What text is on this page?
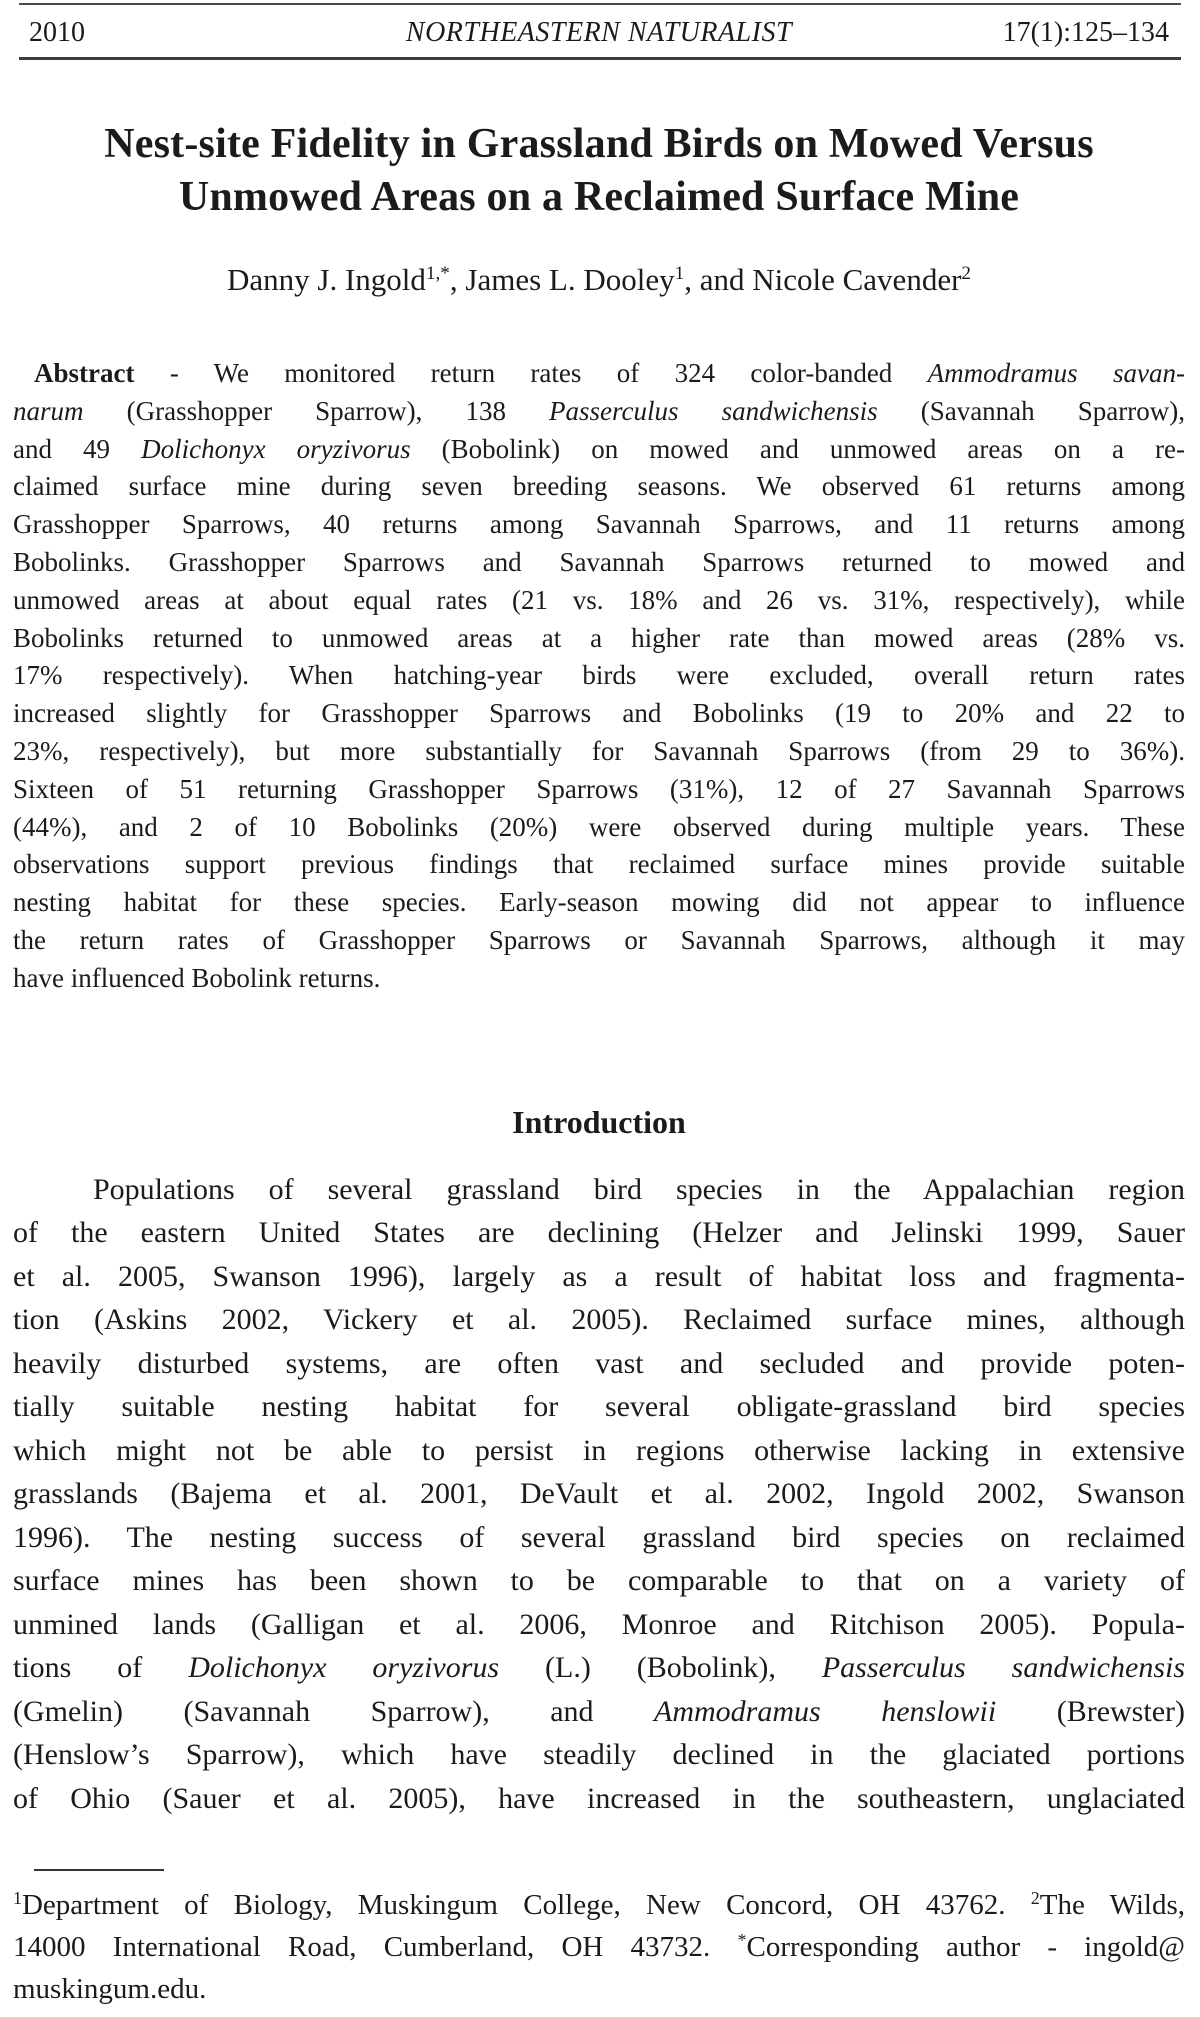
2010	NORTHEASTERN NATURALIST	17(1):125–134
Nest-site Fidelity in Grassland Birds on Mowed Versus
Unmowed Areas on a Reclaimed Surface Mine

Danny J. Ingold$^{1,*}$, James L. Dooley$^1$, and Nicole Cavender$^2$

Abstract - We monitored return rates of 324 color-banded Ammodramus savan-
narum (Grasshopper Sparrow), 138 Passerculus sandwichensis (Savannah Sparrow),
and 49 Dolichonyx oryzivorus (Bobolink) on mowed and unmowed areas on a re-
claimed surface mine during seven breeding seasons. We observed 61 returns among
Grasshopper Sparrows, 40 returns among Savannah Sparrows, and 11 returns among
Bobolinks. Grasshopper Sparrows and Savannah Sparrows returned to mowed and
unmowed areas at about equal rates (21 vs. 18% and 26 vs. 31%, respectively), while
Bobolinks returned to unmowed areas at a higher rate than mowed areas (28% vs.
17% respectively). When hatching-year birds were excluded, overall return rates
increased slightly for Grasshopper Sparrows and Bobolinks (19 to 20% and 22 to
23%, respectively), but more substantially for Savannah Sparrows (from 29 to 36%).
Sixteen of 51 returning Grasshopper Sparrows (31%), 12 of 27 Savannah Sparrows
(44%), and 2 of 10 Bobolinks (20%) were observed during multiple years. These
observations support previous findings that reclaimed surface mines provide suitable
nesting habitat for these species. Early-season mowing did not appear to influence
the return rates of Grasshopper Sparrows or Savannah Sparrows, although it may
have influenced Bobolink returns.
Introduction
Populations of several grassland bird species in the Appalachian region
of the eastern United States are declining (Helzer and Jelinski 1999, Sauer
et al. 2005, Swanson 1996), largely as a result of habitat loss and fragmenta-
tion (Askins 2002, Vickery et al. 2005). Reclaimed surface mines, although
heavily disturbed systems, are often vast and secluded and provide poten-
tially suitable nesting habitat for several obligate-grassland bird species
which might not be able to persist in regions otherwise lacking in extensive
grasslands (Bajema et al. 2001, DeVault et al. 2002, Ingold 2002, Swanson
1996). The nesting success of several grassland bird species on reclaimed
surface mines has been shown to be comparable to that on a variety of
unmined lands (Galligan et al. 2006, Monroe and Ritchison 2005). Popula-
tions of Dolichonyx oryzivorus (L.) (Bobolink), Passerculus sandwichensis
(Gmelin) (Savannah Sparrow), and Ammodramus henslowii (Brewster)
(Henslow’s Sparrow), which have steadily declined in the glaciated portions
of Ohio (Sauer et al. 2005), have increased in the southeastern, unglaciated
$^1$Department of Biology, Muskingum College, New Concord, OH 43762. $^2$The Wilds,
14000 International Road, Cumberland, OH 43732. *Corresponding author - ingold@
muskingum.edu.
